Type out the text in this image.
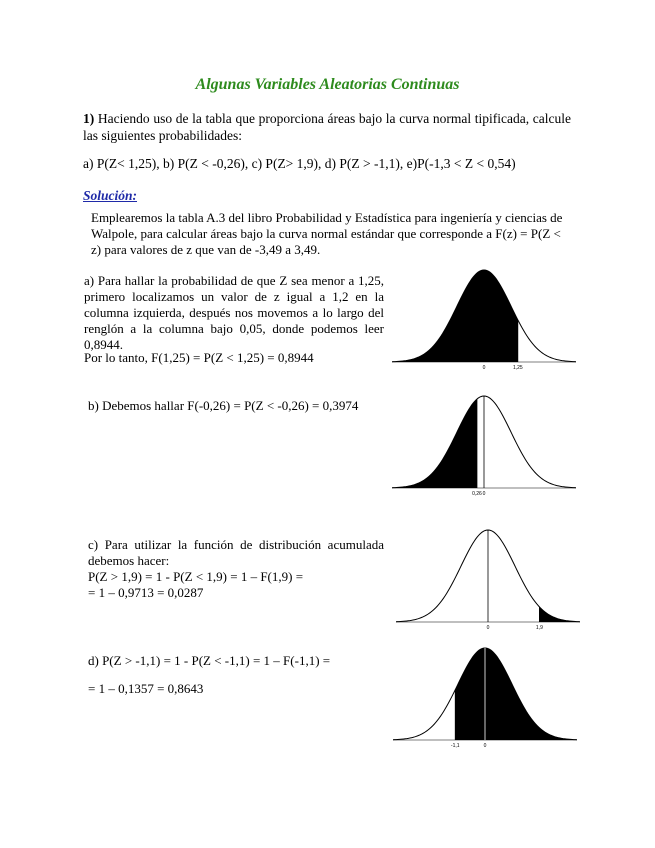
Algunas Variables Aleatorias Continuas
1) Haciendo uso de la tabla que proporciona áreas bajo la curva normal tipificada, calcule las siguientes probabilidades:
a) P(Z< 1,25), b) P(Z < -0,26), c) P(Z> 1,9), d) P(Z > -1,1), e)P(-1,3 < Z < 0,54)
Solución:
Emplearemos la tabla A.3 del libro Probabilidad y Estadística para ingeniería y ciencias de Walpole, para calcular áreas bajo la curva normal estándar que corresponde a F(z) = P(Z < z) para valores de z que van de -3,49 a 3,49.
a) Para hallar la probabilidad de que Z sea menor a 1,25, primero localizamos un valor de z igual a 1,2 en la columna izquierda, después nos movemos a lo largo del renglón a la columna bajo 0,05, donde podemos leer 0,8944.
Por lo tanto, F(1,25) = P(Z < 1,25) = 0,8944
0	1,25
b) Debemos hallar F(-0,26) = P(Z < -0,26) = 0,3974
0,26 0
c) Para utilizar la función de distribución acumulada debemos hacer:
P(Z > 1,9) = 1 - P(Z < 1,9) = 1 – F(1,9) =
= 1 – 0,9713 = 0,0287
0	1,9
d) P(Z > -1,1) = 1 - P(Z < -1,1) = 1 – F(-1,1) =
= 1 – 0,1357 = 0,8643
-1,1	0
